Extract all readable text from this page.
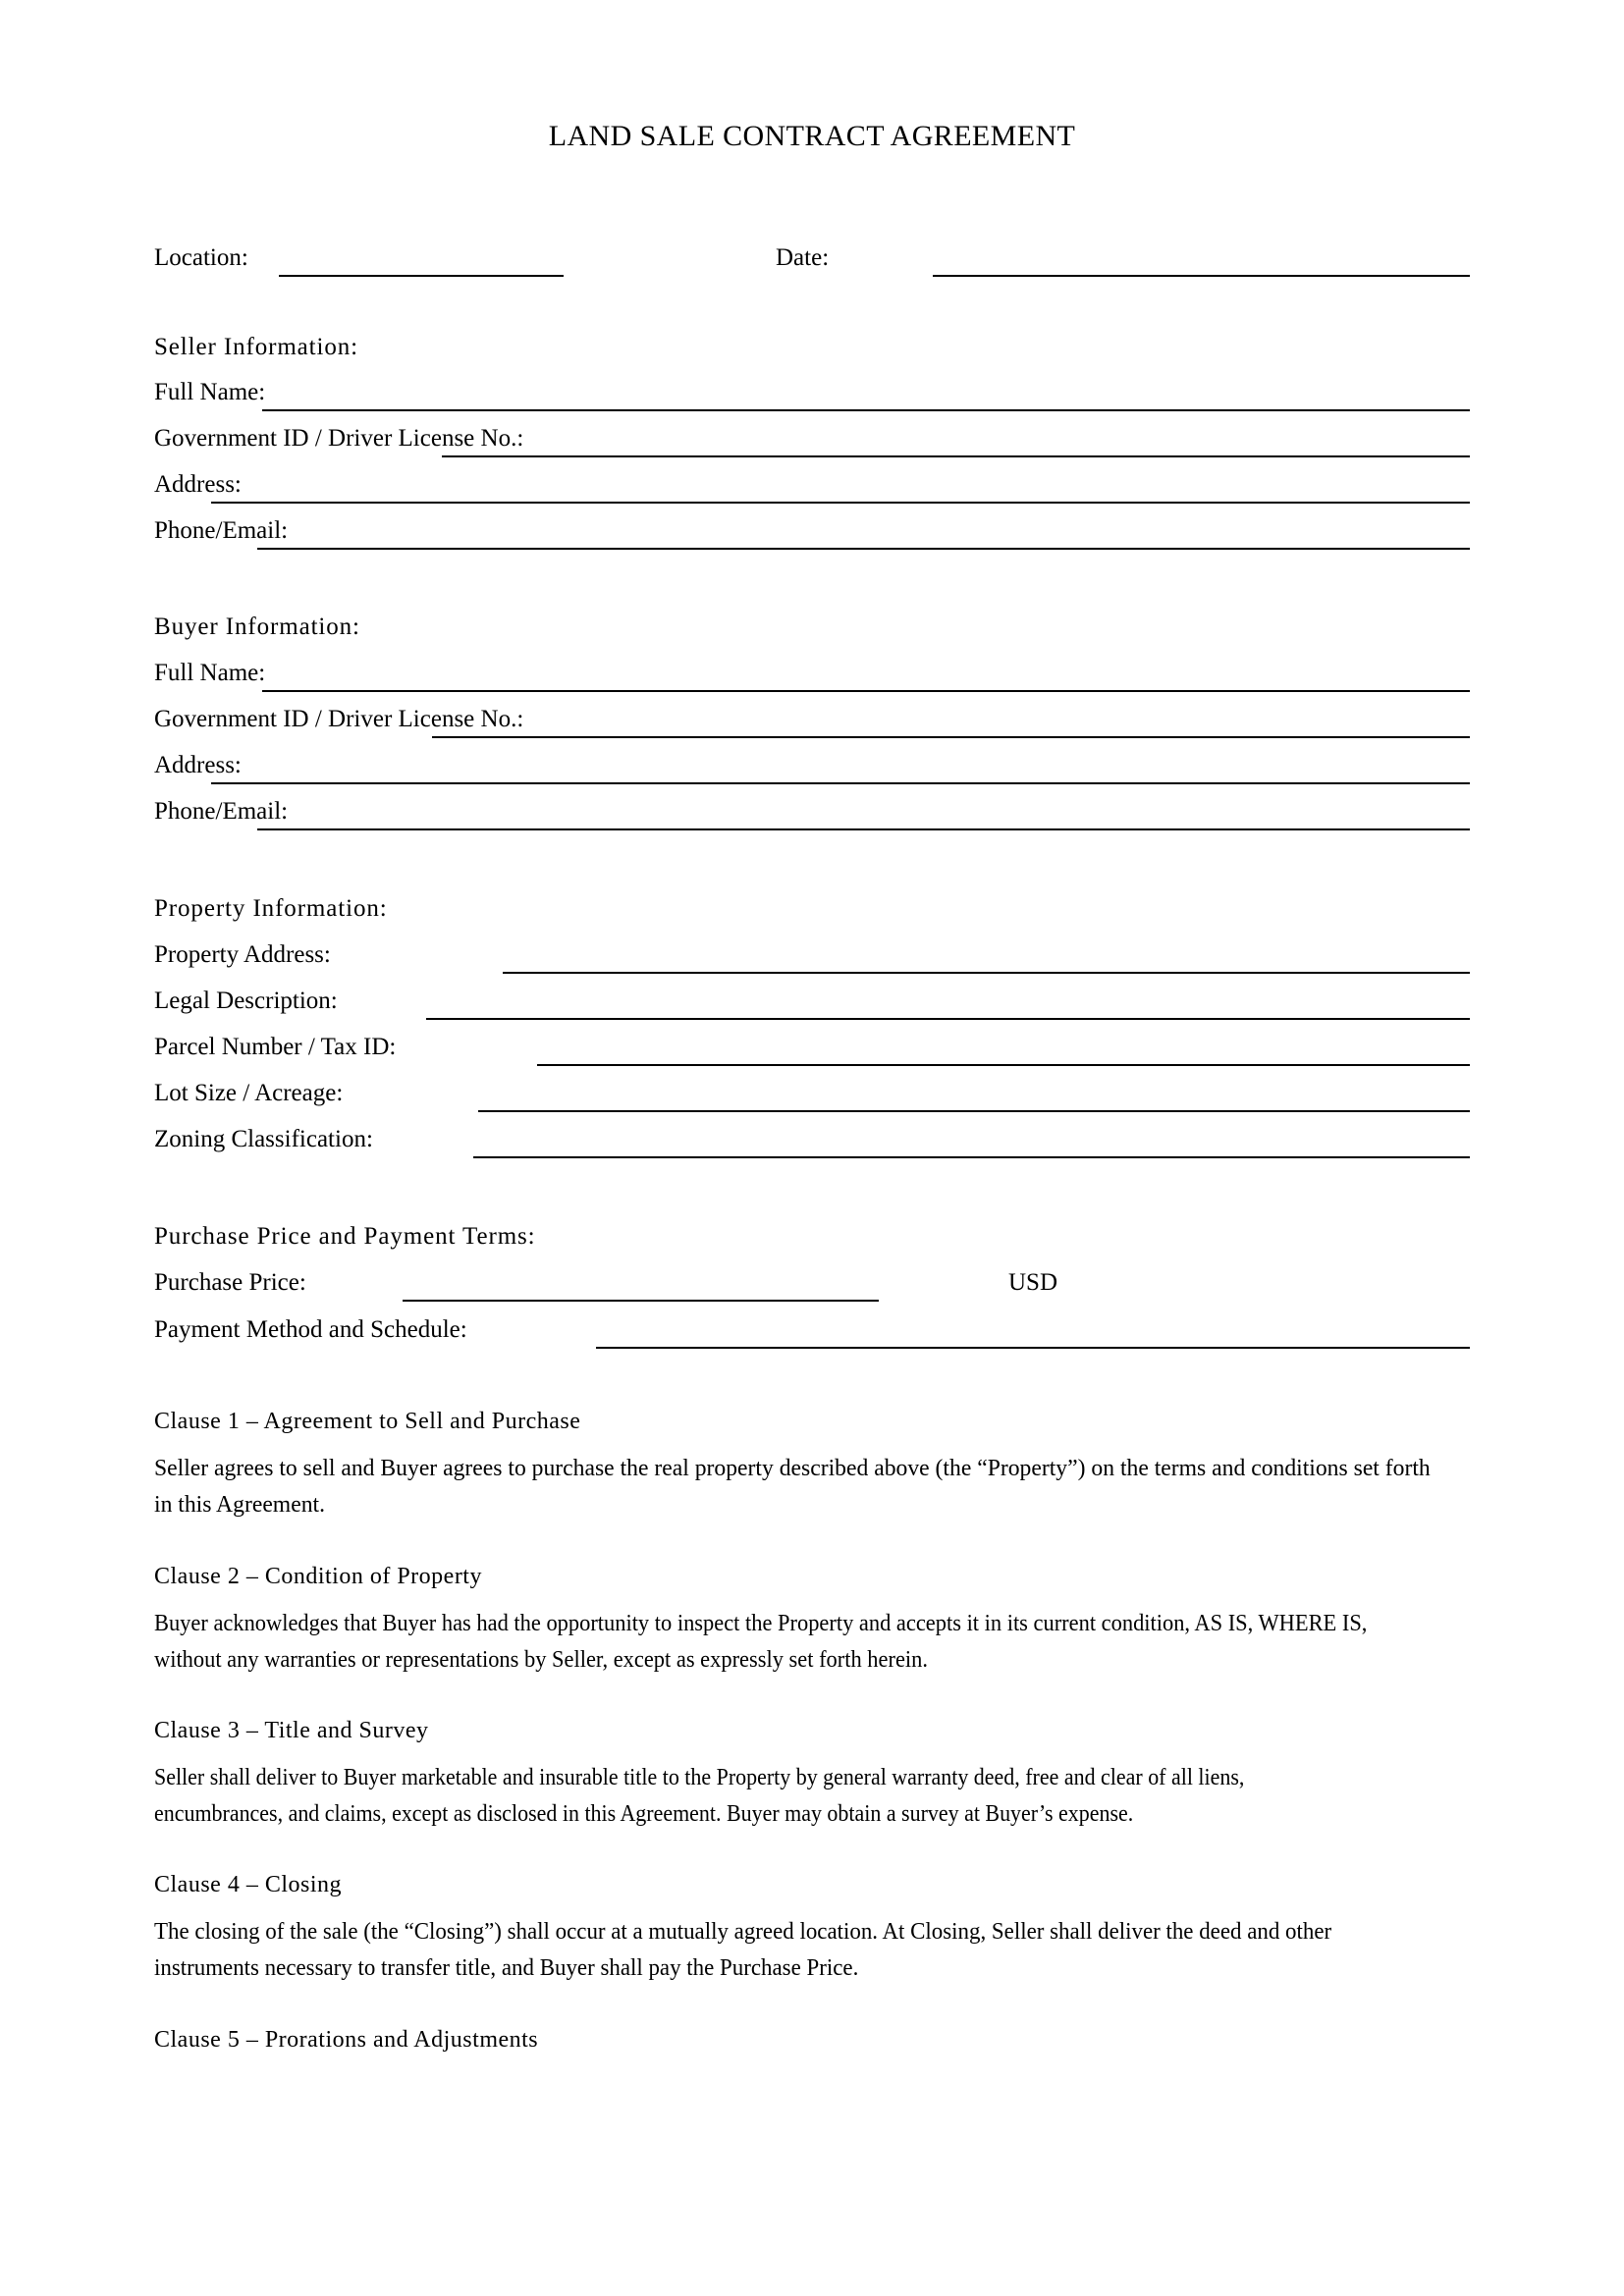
LAND SALE CONTRACT AGREEMENT
Location:	Date:
Seller Information:
Full Name:
Government ID / Driver License No.:
Address:
Phone/Email:
Buyer Information:
Full Name:
Government ID / Driver License No.:
Address:
Phone/Email:
Property Information:
Property Address:
Legal Description:
Parcel Number / Tax ID:
Lot Size / Acreage:
Zoning Classification:
Purchase Price and Payment Terms:
Purchase Price:	USD
Payment Method and Schedule:
Clause 1 – Agreement to Sell and Purchase
Seller agrees to sell and Buyer agrees to purchase the real property described above (the “Property”) on the terms and conditions set forth in this Agreement.
Clause 2 – Condition of Property
Buyer acknowledges that Buyer has had the opportunity to inspect the Property and accepts it in its current condition, AS IS, WHERE IS, without any warranties or representations by Seller, except as expressly set forth herein.
Clause 3 – Title and Survey
Seller shall deliver to Buyer marketable and insurable title to the Property by general warranty deed, free and clear of all liens, encumbrances, and claims, except as disclosed in this Agreement. Buyer may obtain a survey at Buyer’s expense.
Clause 4 – Closing
The closing of the sale (the “Closing”) shall occur at a mutually agreed location. At Closing, Seller shall deliver the deed and other instruments necessary to transfer title, and Buyer shall pay the Purchase Price.
Clause 5 – Prorations and Adjustments
